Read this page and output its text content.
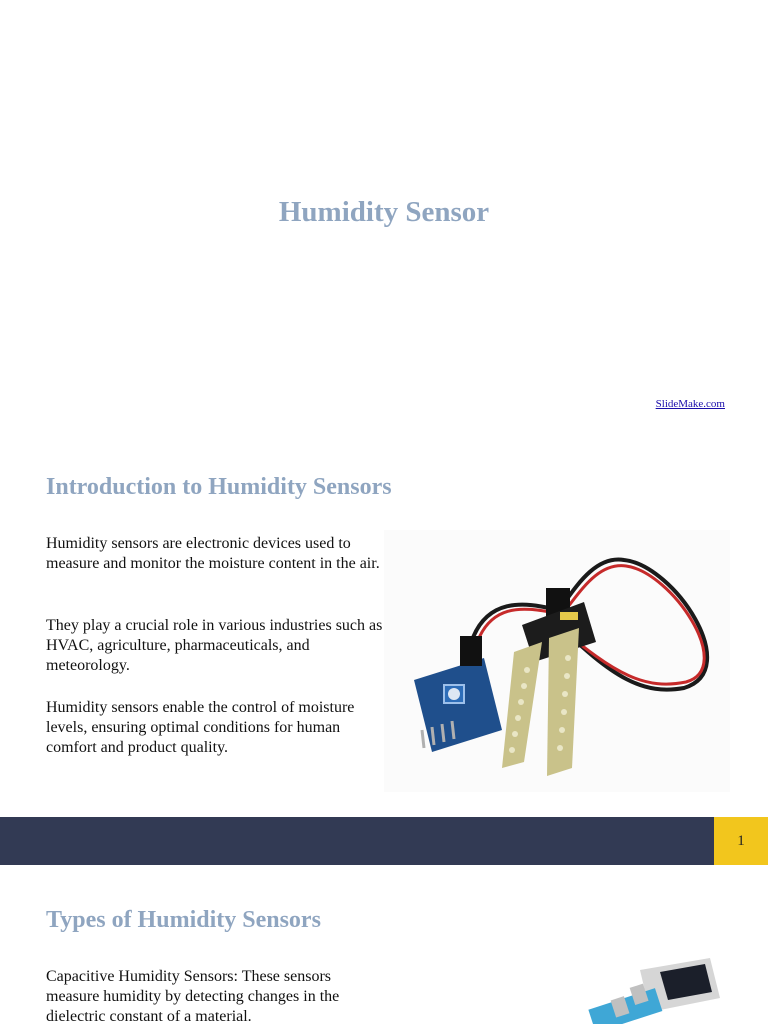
Humidity Sensor
SlideMake.com
Introduction to Humidity Sensors
Humidity sensors are electronic devices used to measure and monitor the moisture content in the air.
They play a crucial role in various industries such as HVAC, agriculture, pharmaceuticals, and meteorology.
Humidity sensors enable the control of moisture levels, ensuring optimal conditions for human comfort and product quality.
1
Types of Humidity Sensors
Capacitive Humidity Sensors: These sensors measure humidity by detecting changes in the dielectric constant of a material.
